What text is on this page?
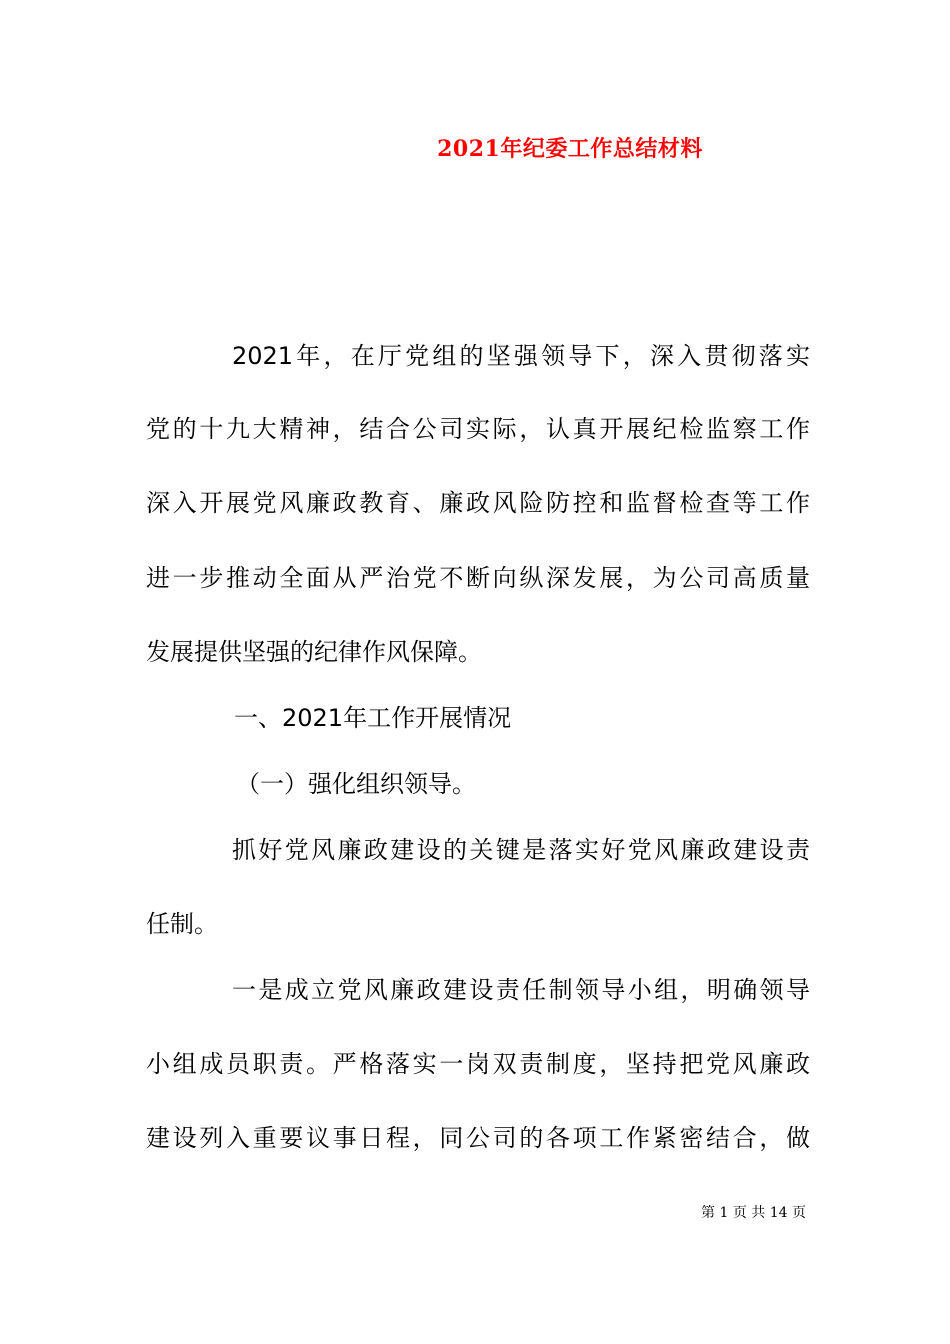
2021年纪委工作总结材料
2021年，在厅党组的坚强领导下，深入贯彻落实
党的十九大精神，结合公司实际，认真开展纪检监察工作
深入开展党风廉政教育、廉政风险防控和监督检查等工作
进一步推动全面从严治党不断向纵深发展，为公司高质量
发展提供坚强的纪律作风保障。
一、2021年工作开展情况
（一）强化组织领导。
抓好党风廉政建设的关键是落实好党风廉政建设责
任制。
一是成立党风廉政建设责任制领导小组，明确领导
小组成员职责。严格落实一岗双责制度，坚持把党风廉政
建设列入重要议事日程，同公司的各项工作紧密结合，做
第 1 页 共 14 页
